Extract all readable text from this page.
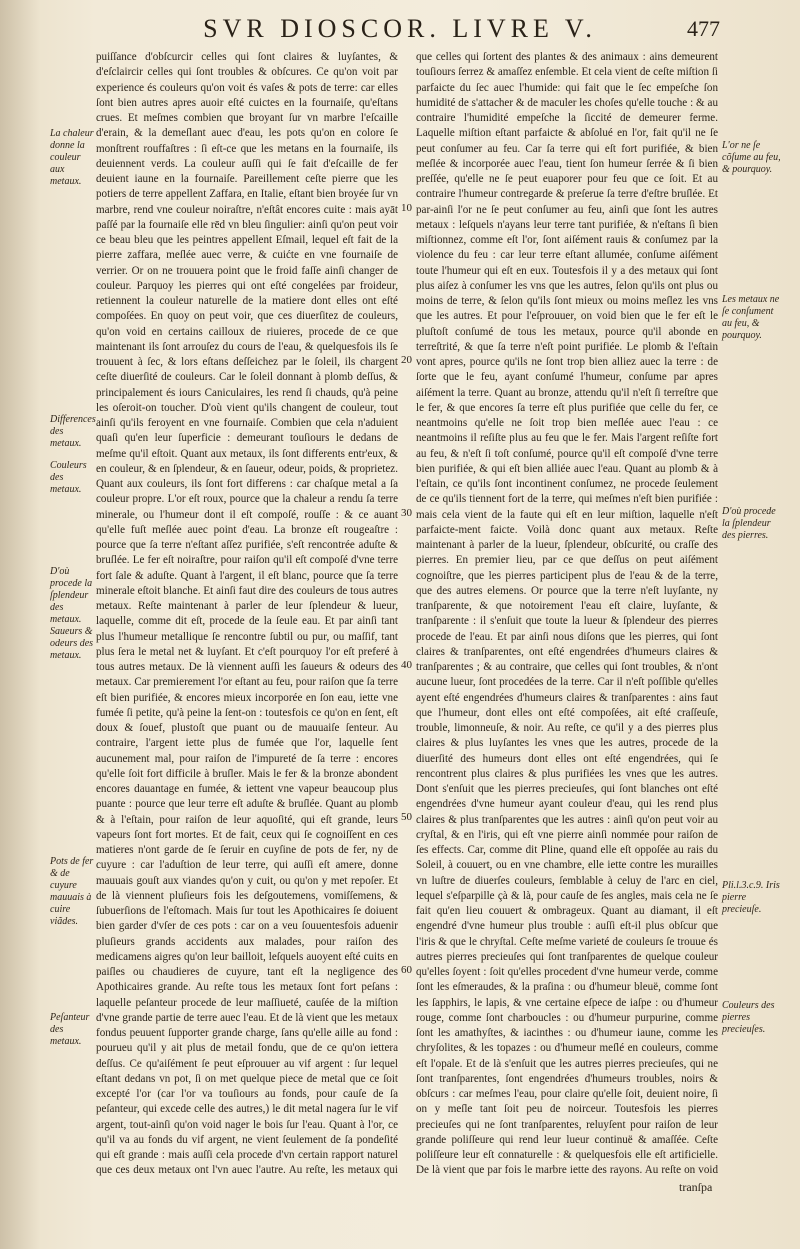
SVR DIOSCOR. LIVRE V.	477

puiſſance d'obſcurcir celles qui ſont claires & luyſantes, & d'eſclaircir celles qui ſont troubles & obſcures. Ce qu'on voit par experience és couleurs qu'on voit és vaſes & pots de terre: car elles ſont bien autres apres auoir eſté cuictes en la fournaiſe, qu'eſtans crues. Et meſmes combien que broyant ſur vn marbre l'eſcaille d'erain, & la demeſlant auec d'eau, les pots qu'on en colore ſe monſtrent rouffaſtres : ſi eſt-ce que les metans en la fournaiſe, ils deuiennent verds. La couleur auſſi qui ſe fait d'eſcaille de fer deuient iaune en la fournaiſe. Pareillement ceſte pierre que les potiers de terre appellent Zaffara, en Italie, eſtant bien broyée ſur vn marbre, rend vne couleur noiraſtre, n'eſtât encores cuite : mais ayāt paſſé par la fournaiſe elle rēd vn bleu ſingulier: ainſi qu'on peut voir ce beau bleu que les peintres appellent Eſmail, lequel eſt fait de la pierre zaffara, meſlée auec verre, & cuićte en vne fournaiſe de verrier. Or on ne trouuera point que le froid faſſe ainſi changer de couleur. Parquoy les pierres qui ont eſté congelées par froideur, retiennent la couleur naturelle de la matiere dont elles ont eſté compoſées. En quoy on peut voir, que ces diuerſitez de couleurs, qu'on void en certains cailloux de riuieres, procede de ce que maintenant ils ſont arrouſez du cours de l'eau, & quelquesfois ils ſe trouuent à ſec, & lors eſtans deſſeichez par le ſoleil, ils chargent ceſte diuerſité de couleurs. Car le ſoleil donnant à plomb deſſus, & principalement és iours Caniculaires, les rend ſi chauds, qu'à peine les oſeroit-on toucher. D'où vient qu'ils changent de couleur, tout ainſi qu'ils feroyent en vne fournaiſe. Combien que cela n'aduient quaſi qu'en leur ſuperficie : demeurant touſiours le dedans de meſme qu'il eſtoit. Quant aux metaux, ils ſont differents entr'eux, & en couleur, & en ſplendeur, & en ſaueur, odeur, poids, & proprietez. Quant aux couleurs, ils ſont fort differens : car chaſque metal a ſa couleur propre. L'or eſt roux, pource que la chaleur a rendu ſa terre minerale, ou l'humeur dont il eſt compoſé, rouſſe : & ce auant qu'elle fuſt meſlée auec point d'eau. La bronze eſt rougeaſtre : pource que ſa terre n'eſtant aſſez purifiée, s'eſt rencontrée aduſte & bruſlée. Le fer eſt noiraſtre, pour raiſon qu'il eſt compoſé d'vne terre fort ſale & aduſte. Quant à l'argent, il eſt blanc, pource que ſa terre minerale eſtoit blanche. Et ainſi faut dire des couleurs de tous autres metaux. Reſte maintenant à parler de leur ſplendeur & lueur, laquelle, comme dit eſt, procede de la ſeule eau. Et par ainſi tant plus l'humeur metallique ſe rencontre ſubtil ou pur, ou maſſif, tant plus ſera le metal net & luyſant. Et c'eſt pourquoy l'or eſt preferé à tous autres metaux. De là viennent auſſi les ſaueurs & odeurs des metaux. Car premierement l'or eſtant au feu, pour raiſon que ſa terre eſt bien purifiée, & encores mieux incorporée en ſon eau, iette vne fumée ſi petite, qu'à peine la ſent-on : toutesfois ce qu'on en ſent, eſt doux & ſouef, plustoſt que puant ou de mauuaiſe ſenteur. Au contraire, l'argent iette plus de fumée que l'or, laquelle ſent aucunement mal, pour raiſon de l'impureté de ſa terre : encores qu'elle ſoit fort difficile à bruſler. Mais le fer & la bronze abondent encores dauantage en fumée, & iettent vne vapeur beaucoup plus puante : pource que leur terre eſt aduſte & bruſlée. Quant au plomb & à l'eſtain, pour raiſon de leur aquoſité, qui eſt grande, leurs vapeurs ſont fort mortes. Et de fait, ceux qui ſe cognoiſſent en ces matieres n'ont garde de ſe ſeruir en cuyſine de pots de fer, ny de cuyure : car l'aduſtion de leur terre, qui auſſi eſt amere, donne mauuais gouſt aux viandes qu'on y cuit, ou qu'on y met repoſer. Et de là viennent pluſieurs fois les deſgoutemens, vomiſſemens, & ſubuerſions de l'eſtomach. Mais ſur tout les Apothicaires ſe doiuent bien garder d'vſer de ces pots : car on a veu ſouuentesfois aduenir pluſieurs grands accidents aux malades, pour raiſon des medicamens aigres qu'on leur bailloit, leſquels auoyent eſté cuits en paiſles ou chaudieres de cuyure, tant eſt la negligence des Apothicaires grande. Au reſte tous les metaux ſont fort peſans : laquelle peſanteur procede de leur maſſiueté, cauſée de la miſtion d'vne grande partie de terre auec l'eau. Et de là vient que les metaux fondus peuuent ſupporter grande charge, ſans qu'elle aille au fond : pourueu qu'il y ait plus de metail fondu, que de ce qu'on iettera deſſus. Ce qu'aiſément ſe peut eſprouuer au vif argent : ſur lequel eſtant dedans vn pot, ſi on met quelque piece de metal que ce ſoit excepté l'or (car l'or va touſiours au fonds, pour cauſe de ſa peſanteur, qui excede celle des autres,) le dit metal nagera ſur le vif argent, tout-ainſi qu'on void nager le bois ſur l'eau. Quant à l'or, ce qu'il va au fonds du vif argent, ne vient ſeulement de ſa pondeſité qui eſt grande : mais auſſi cela procede d'vn certain rapport naturel que ces deux metaux ont l'vn auec l'autre. Au reſte, les metaux qui

que celles qui ſortent des plantes & des animaux : ains demeurent touſiours ſerrez & amaſſez enſemble. Et cela vient de ceſte miſtion ſi parfaicte du ſec auec l'humide: qui fait que le ſec empeſche ſon humidité de s'attacher & de maculer les choſes qu'elle touche : & au contraire l'humidité empeſche la ſiccité de demeurer ferme. Laquelle miſtion eſtant parfaicte & abſolué en l'or, fait qu'il ne ſe peut conſumer au feu. Car ſa terre qui eſt fort purifiée, & bien meſlée & incorporée auec l'eau, tient ſon humeur ſerrée & ſi bien preſſée, qu'elle ne ſe peut euaporer pour feu que ce ſoit. Et au contraire l'humeur contregarde & preſerue ſa terre d'eſtre bruſlée. Et par-ainſi l'or ne ſe peut conſumer au feu, ainſi que ſont les autres metaux : leſquels n'ayans leur terre tant purifiée, & n'eſtans ſi bien miſtionnez, comme eſt l'or, ſont aiſément rauis & conſumez par la violence du feu : car leur terre eſtant allumée, conſume aiſément toute l'humeur qui eſt en eux. Toutesfois il y a des metaux qui ſont plus aiſez à conſumer les vns que les autres, ſelon qu'ils ont plus ou moins de terre, & ſelon qu'ils ſont mieux ou moins meſlez les vns que les autres. Et pour l'eſprouuer, on void bien que le fer eſt le pluſtoſt conſumé de tous les metaux, pource qu'il abonde en terreſtrité, & que ſa terre n'eſt point purifiée. Le plomb & l'eſtain vont apres, pource qu'ils ne ſont trop bien alliez auec la terre : de ſorte que le feu, ayant conſumé l'humeur, conſume par apres aiſément la terre. Quant au bronze, attendu qu'il n'eſt ſi terreſtre que le fer, & que encores ſa terre eſt plus purifiée que celle du fer, ce neantmoins qu'elle ne ſoit trop bien meſlée auec l'eau : ce neantmoins il reſiſte plus au feu que le fer. Mais l'argent reſiſte fort au feu, & n'eſt ſi toſt conſumé, pource qu'il eſt compoſé d'vne terre bien purifiée, & qui eſt bien alliée auec l'eau. Quant au plomb & à l'eſtain, ce qu'ils ſont incontinent conſumez, ne procede ſeulement de ce qu'ils tiennent fort de la terre, qui meſmes n'eſt bien purifiée : mais cela vient de la faute qui eſt en leur miſtion, laquelle n'eſt parfaicte-ment faicte. Voilà donc quant aux metaux. Reſte maintenant à parler de la lueur, ſplendeur, obſcurité, ou craſſe des pierres. En premier lieu, par ce que deſſus on peut aiſément cognoiſtre, que les pierres participent plus de l'eau & de la terre, que des autres elemens. Or pource que la terre n'eſt luyſante, ny tranſparente, & que notoirement l'eau eſt claire, luyſante, & tranſparente : il s'enſuit que toute la lueur & ſplendeur des pierres procede de l'eau. Et par ainſi nous diſons que les pierres, qui ſont claires & tranſparentes, ont eſté engendrées d'humeurs claires & tranſparentes ; & au contraire, que celles qui ſont troubles, & n'ont aucune lueur, ſont procedées de la terre. Car il n'eſt poſſible qu'elles ayent eſté engendrées d'humeurs claires & tranſparentes : ains faut que l'humeur, dont elles ont eſté compoſées, ait eſté craſſeuſe, trouble, limonneuſe, & noir. Au reſte, ce qu'il y a des pierres plus claires & plus luyſantes les vnes que les autres, procede de la diuerſité des humeurs dont elles ont eſté engendrées, qui ſe rencontrent plus claires & plus purifiées les vnes que les autres. Dont s'enſuit que les pierres precieuſes, qui ſont blanches ont eſté engendrées d'vne humeur ayant couleur d'eau, qui les rend plus claires & plus tranſparentes que les autres : ainſi qu'on peut voir au cryſtal, & en l'iris, qui eſt vne pierre ainſi nommée pour raiſon de ſes effects. Car, comme dit Pline, quand elle eſt oppoſée au rais du Soleil, à couuert, ou en vne chambre, elle iette contre les murailles vn luſtre de diuerſes couleurs, ſemblable à celuy de l'arc en ciel, lequel s'eſparpille çà & là, pour cauſe de ſes angles, mais cela ne ſe fait qu'en lieu couuert & ombrageux. Quant au diamant, il eſt engendré d'vne humeur plus trouble : auſſi eſt-il plus obſcur que l'iris & que le chryſtal. Ceſte meſme varieté de couleurs ſe trouue és autres pierres precieuſes qui ſont tranſparentes de quelque couleur qu'elles ſoyent : ſoit qu'elles procedent d'vne humeur verde, comme ſont les eſmeraudes, & la praſina : ou d'humeur bleuë, comme ſont les ſapphirs, le lapis, & vne certaine eſpece de iaſpe : ou d'humeur rouge, comme ſont charboucles : ou d'humeur purpurine, comme ſont les amathyſtes, & iacinthes : ou d'humeur iaune, comme les chryſolites, & les topazes : ou d'humeur meſlé en couleurs, comme eſt l'opale. Et de là s'enſuit que les autres pierres precieuſes, qui ne ſont tranſparentes, ſont engendrées d'humeurs troubles, noirs & obſcurs : car meſmes l'eau, pour claire qu'elle ſoit, deuient noire, ſi on y meſle tant ſoit peu de noirceur. Toutesfois les pierres precieuſes qui ne ſont tranſparentes, reluyſent pour raiſon de leur grande poliſſeure qui rend leur lueur continuë & amaſſée. Ceſte poliſſeure leur eſt connaturelle : & quelquesfois elle eſt artificielle. De là vient que par fois le marbre iette des rayons. Au reſte on void

10
20
30
40
50
60
La chaleur donne la couleur aux metaux.
Differences des metaux.
Couleurs des metaux.
D'où procede la ſplendeur des metaux.
Saueurs & odeurs des metaux.
Pots de fer & de cuyure mauuais à cuire viãdes.
Peſanteur des metaux.
L'or ne ſe cõſume au feu, & pourquoy.
Les metaux ne ſe conſument au feu, & pourquoy.
D'où procede la ſplendeur des pierres.
Pli.l.3.c.9. Iris pierre precieuſe.
Couleurs des pierres precieuſes.
tranſpa
